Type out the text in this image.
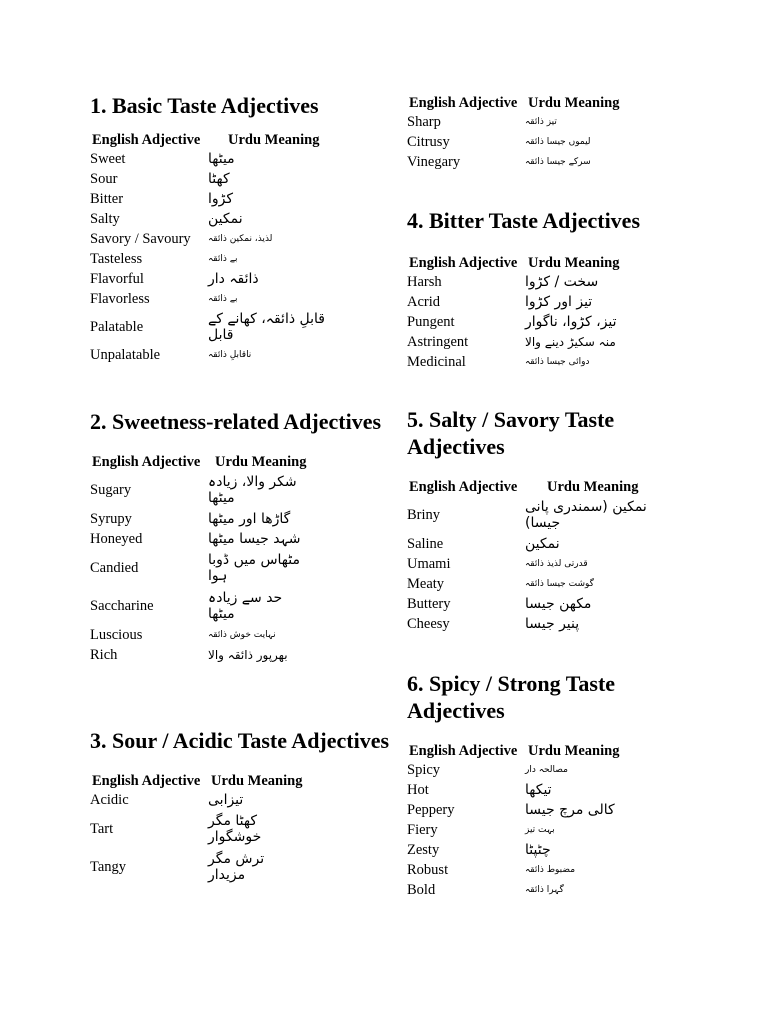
1. Basic Taste Adjectives
English Adjective	Urdu Meaning
Sweet	میٹھا
Sour	کھٹا
Bitter	کڑوا
Salty	نمکین
Savory / Savoury	لذیذ، نمکین ذائقہ
Tasteless	بے ذائقہ
Flavorful	ذائقہ دار
Flavorless	بے ذائقہ
Palatable	قابلِ ذائقہ، کھانے کے قابل
Unpalatable	ناقابلِ ذائقہ
2. Sweetness-related Adjectives
English Adjective	Urdu Meaning
Sugary	شکر والا، زیادہ میٹھا
Syrupy	گاڑھا اور میٹھا
Honeyed	شہد جیسا میٹھا
Candied	مٹھاس میں ڈوبا ہوا
Saccharine	حد سے زیادہ میٹھا
Luscious	نہایت خوش ذائقہ
Rich	بھرپور ذائقہ والا
3. Sour / Acidic Taste Adjectives
English Adjective Urdu Meaning
Acidic	تیزابی
Tart	کھٹا مگر خوشگوار
Tangy	ترش مگر مزیدار
English Adjective Urdu Meaning
Sharp	تیز ذائقہ
Citrusy	لیموں جیسا ذائقہ
Vinegary	سرکے جیسا ذائقہ
4. Bitter Taste Adjectives
English Adjective Urdu Meaning
Harsh	سخت / کڑوا
Acrid	تیز اور کڑوا
Pungent	تیز، کڑوا، ناگوار
Astringent	منہ سکیڑ دینے والا
Medicinal	دوائی جیسا ذائقہ
5. Salty / Savory Taste Adjectives
English Adjective	Urdu Meaning
Briny	نمکین (سمندری پانی جیسا)
Saline	نمکین
Umami	قدرتی لذیذ ذائقہ
Meaty	گوشت جیسا ذائقہ
Buttery	مکھن جیسا
Cheesy	پنیر جیسا
6. Spicy / Strong Taste Adjectives
English Adjective Urdu Meaning
Spicy	مصالحہ دار
Hot	تیکھا
Peppery	کالی مرچ جیسا
Fiery	بہت تیز
Zesty	چٹپٹا
Robust	مضبوط ذائقہ
Bold	گہرا ذائقہ
